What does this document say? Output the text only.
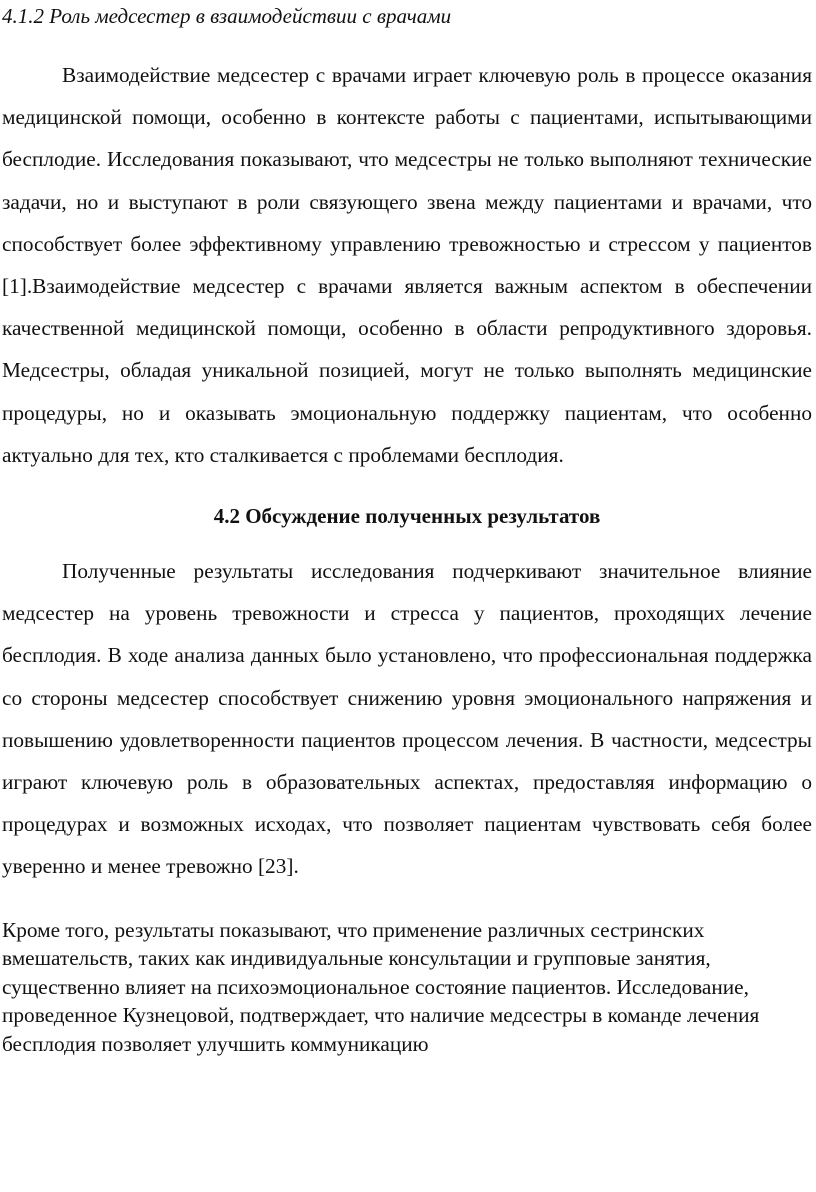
4.1.2 Роль медсестер в взаимодействии с врачами

Взаимодействие медсестер с врачами играет ключевую роль в процессе оказания медицинской помощи, особенно в контексте работы с пациентами, испытывающими бесплодие. Исследования показывают, что медсестры не только выполняют технические задачи, но и выступают в роли связующего звена между пациентами и врачами, что способствует более эффективному управлению тревожностью и стрессом у пациентов [1].Взаимодействие медсестер с врачами является важным аспектом в обеспечении качественной медицинской помощи, особенно в области репродуктивного здоровья. Медсестры, обладая уникальной позицией, могут не только выполнять медицинские процедуры, но и оказывать эмоциональную поддержку пациентам, что особенно актуально для тех, кто сталкивается с проблемами бесплодия.

4.2 Обсуждение полученных результатов

Полученные результаты исследования подчеркивают значительное влияние медсестер на уровень тревожности и стресса у пациентов, проходящих лечение бесплодия. В ходе анализа данных было установлено, что профессиональная поддержка со стороны медсестер способствует снижению уровня эмоционального напряжения и повышению удовлетворенности пациентов процессом лечения. В частности, медсестры играют ключевую роль в образовательных аспектах, предоставляя информацию о процедурах и возможных исходах, что позволяет пациентам чувствовать себя более уверенно и менее тревожно [23].

Кроме того, результаты показывают, что применение различных сестринских вмешательств, таких как индивидуальные консультации и групповые занятия, существенно влияет на психоэмоциональное состояние пациентов. Исследование, проведенное Кузнецовой, подтверждает, что наличие медсестры в команде лечения бесплодия позволяет улучшить коммуникацию
